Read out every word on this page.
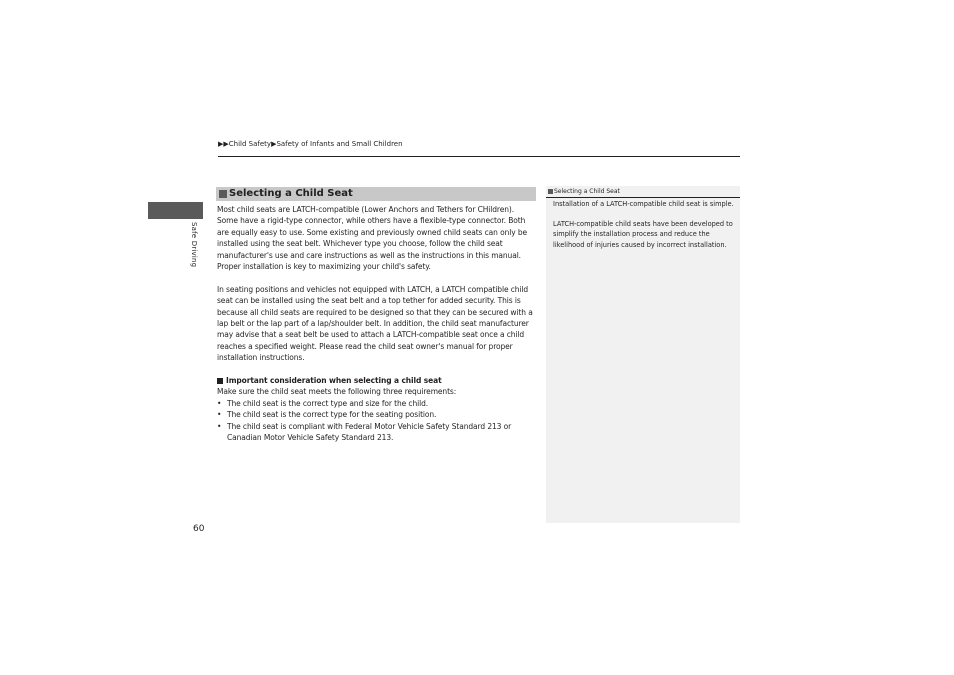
▶▶Child Safety▶Safety of Infants and Small Children
Safe Driving
Selecting a Child Seat

Most child seats are LATCH-compatible (Lower Anchors and Tethers for CHildren). Some have a rigid-type connector, while others have a flexible-type connector. Both are equally easy to use. Some existing and previously owned child seats can only be installed using the seat belt. Whichever type you choose, follow the child seat manufacturer's use and care instructions as well as the instructions in this manual. Proper installation is key to maximizing your child's safety.

In seating positions and vehicles not equipped with LATCH, a LATCH compatible child seat can be installed using the seat belt and a top tether for added security. This is because all child seats are required to be designed so that they can be secured with a lap belt or the lap part of a lap/shoulder belt. In addition, the child seat manufacturer may advise that a seat belt be used to attach a LATCH-compatible seat once a child reaches a specified weight. Please read the child seat owner's manual for proper installation instructions.

Important consideration when selecting a child seat

Make sure the child seat meets the following three requirements:

• The child seat is the correct type and size for the child.
• The child seat is the correct type for the seating position.
• The child seat is compliant with Federal Motor Vehicle Safety Standard 213 or Canadian Motor Vehicle Safety Standard 213.
Selecting a Child Seat

Installation of a LATCH-compatible child seat is simple.

LATCH-compatible child seats have been developed to simplify the installation process and reduce the likelihood of injuries caused by incorrect installation.

60
